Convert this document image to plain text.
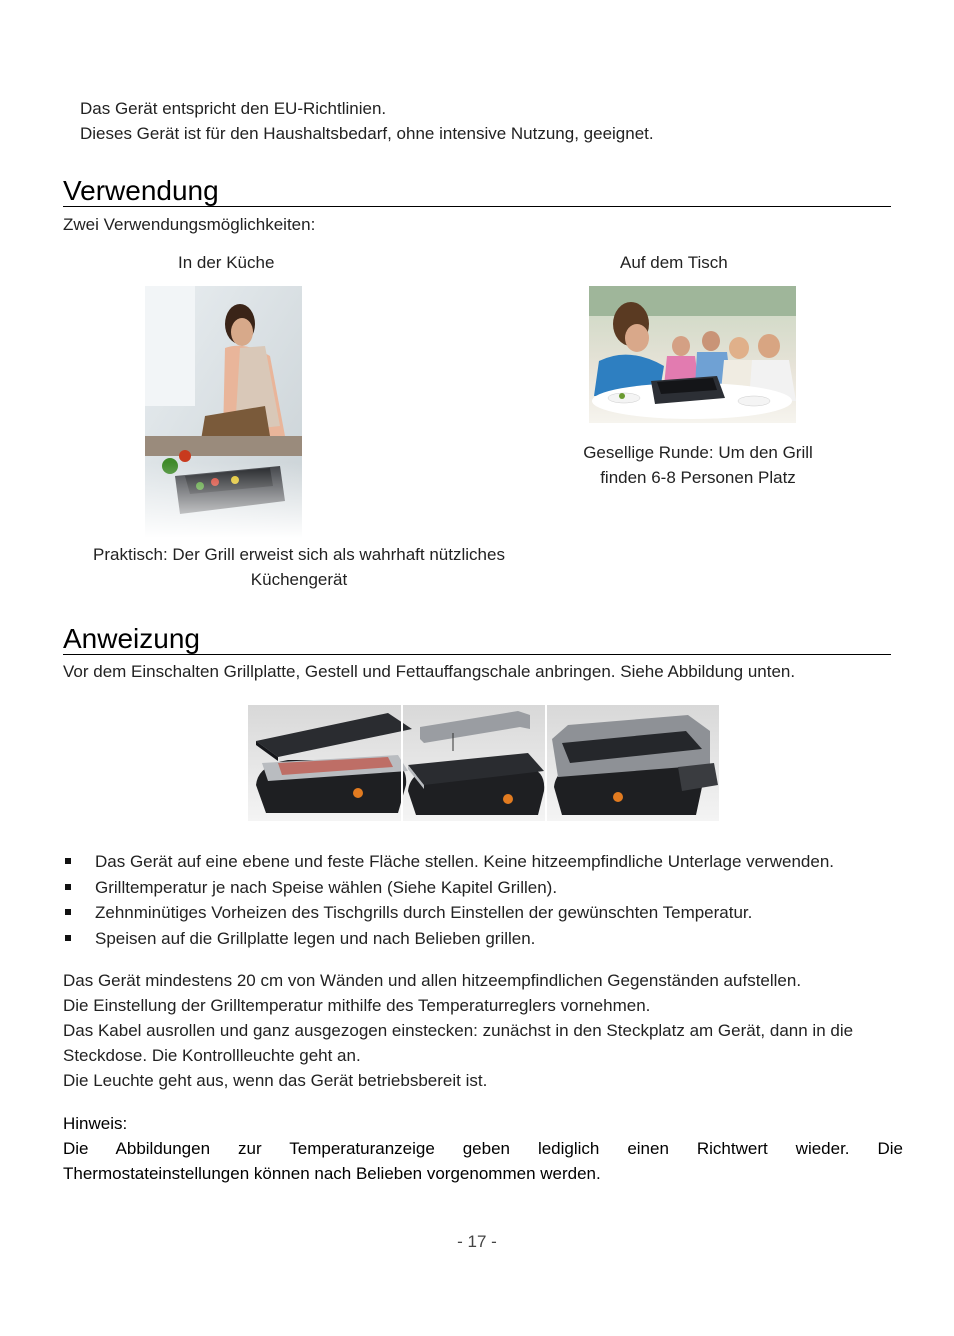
Das Gerät entspricht den EU-Richtlinien.
Dieses Gerät ist für den Haushaltsbedarf, ohne intensive Nutzung, geeignet.
Verwendung
Zwei Verwendungsmöglichkeiten:
In der Küche	Auf dem Tisch
Gesellige Runde: Um den Grill
finden 6-8 Personen Platz
Praktisch: Der Grill erweist sich als wahrhaft nützliches
Küchengerät
Anweizung
Vor dem Einschalten Grillplatte, Gestell und Fettauffangschale anbringen. Siehe Abbildung unten.
Das Gerät auf eine ebene und feste Fläche stellen. Keine hitzeempfindliche Unterlage verwenden.
Grilltemperatur je nach Speise wählen (Siehe Kapitel Grillen).
Zehnminütiges Vorheizen des Tischgrills durch Einstellen der gewünschten Temperatur.
Speisen auf die Grillplatte legen und nach Belieben grillen.
Das Gerät mindestens 20 cm von Wänden und allen hitzeempfindlichen Gegenständen aufstellen.
Die Einstellung der Grilltemperatur mithilfe des Temperaturreglers vornehmen.
Das Kabel ausrollen und ganz ausgezogen einstecken: zunächst in den Steckplatz am Gerät, dann in die
Steckdose. Die Kontrollleuchte geht an.
Die Leuchte geht aus, wenn das Gerät betriebsbereit ist.
Hinweis:
Die Abbildungen zur Temperaturanzeige geben lediglich einen Richtwert wieder. Die
Thermostateinstellungen können nach Belieben vorgenommen werden.
- 17 -
